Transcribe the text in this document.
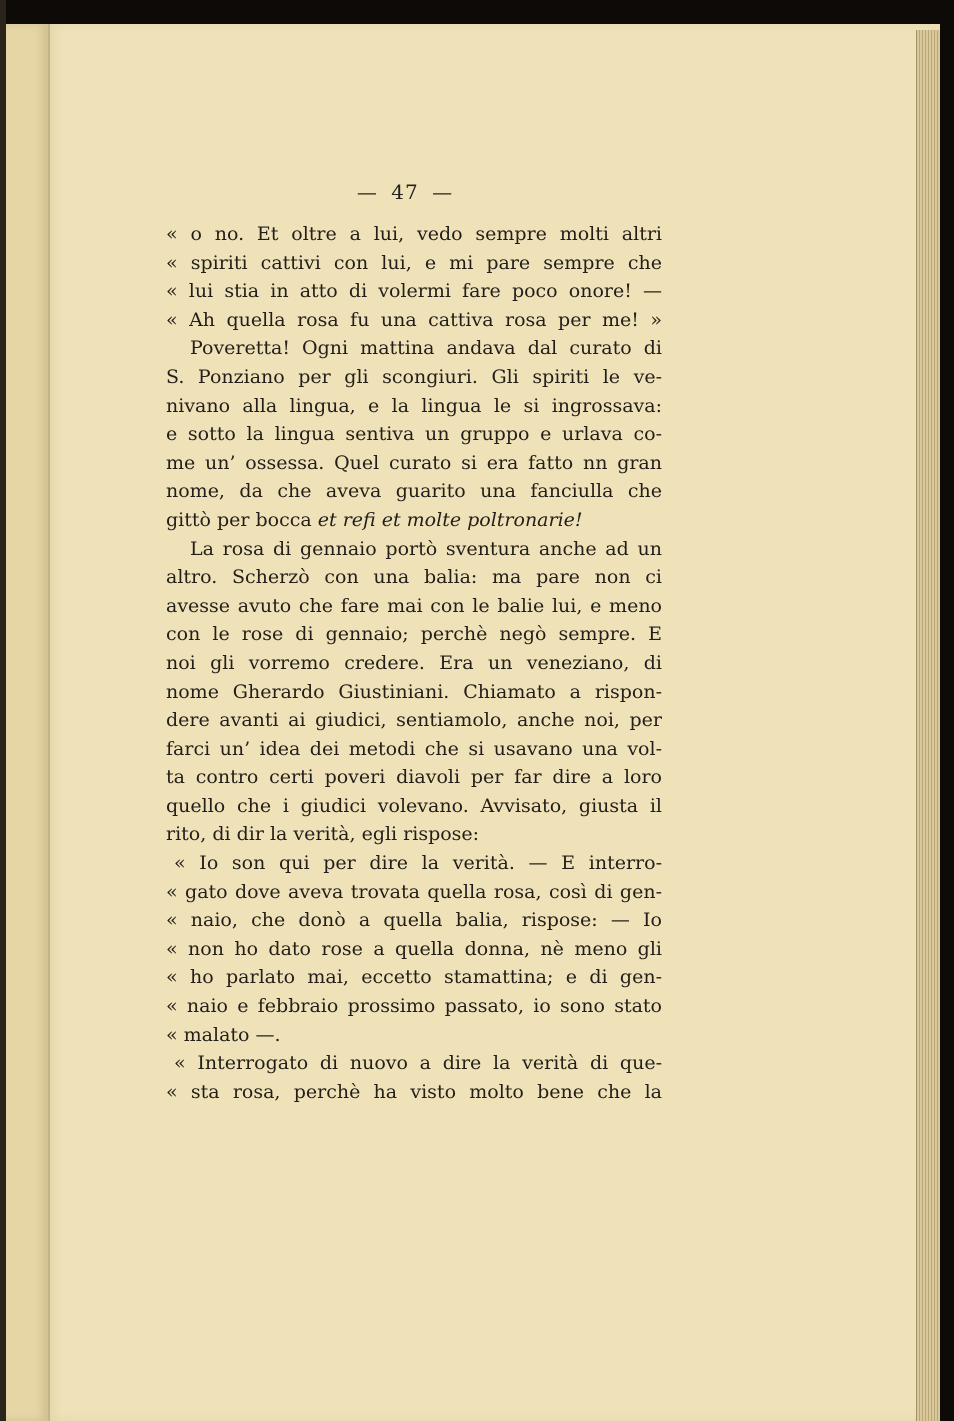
— 47 —
« o no. Et oltre a lui, vedo sempre molti altri
« spiriti cattivi con lui, e mi pare sempre che
« lui stia in atto di volermi fare poco onore! —
« Ah quella rosa fu una cattiva rosa per me! »
Poveretta! Ogni mattina andava dal curato di
S. Ponziano per gli scongiuri. Gli spiriti le ve-
nivano alla lingua, e la lingua le si ingrossava:
e sotto la lingua sentiva un gruppo e urlava co-
me un’ ossessa. Quel curato si era fatto nn gran
nome, da che aveva guarito una fanciulla che
gittò per bocca et refi et molte poltronarie!
La rosa di gennaio portò sventura anche ad un
altro. Scherzò con una balia: ma pare non ci
avesse avuto che fare mai con le balie lui, e meno
con le rose di gennaio; perchè negò sempre. E
noi gli vorremo credere. Era un veneziano, di
nome Gherardo Giustiniani. Chiamato a rispon-
dere avanti ai giudici, sentiamolo, anche noi, per
farci un’ idea dei metodi che si usavano una vol-
ta contro certi poveri diavoli per far dire a loro
quello che i giudici volevano. Avvisato, giusta il
rito, di dir la verità, egli rispose:
« Io son qui per dire la verità. — E interro-
« gato dove aveva trovata quella rosa, così di gen-
« naio, che donò a quella balia, rispose: — Io
« non ho dato rose a quella donna, nè meno gli
« ho parlato mai, eccetto stamattina; e di gen-
« naio e febbraio prossimo passato, io sono stato
« malato —.
« Interrogato di nuovo a dire la verità di que-
« sta rosa, perchè ha visto molto bene che la
